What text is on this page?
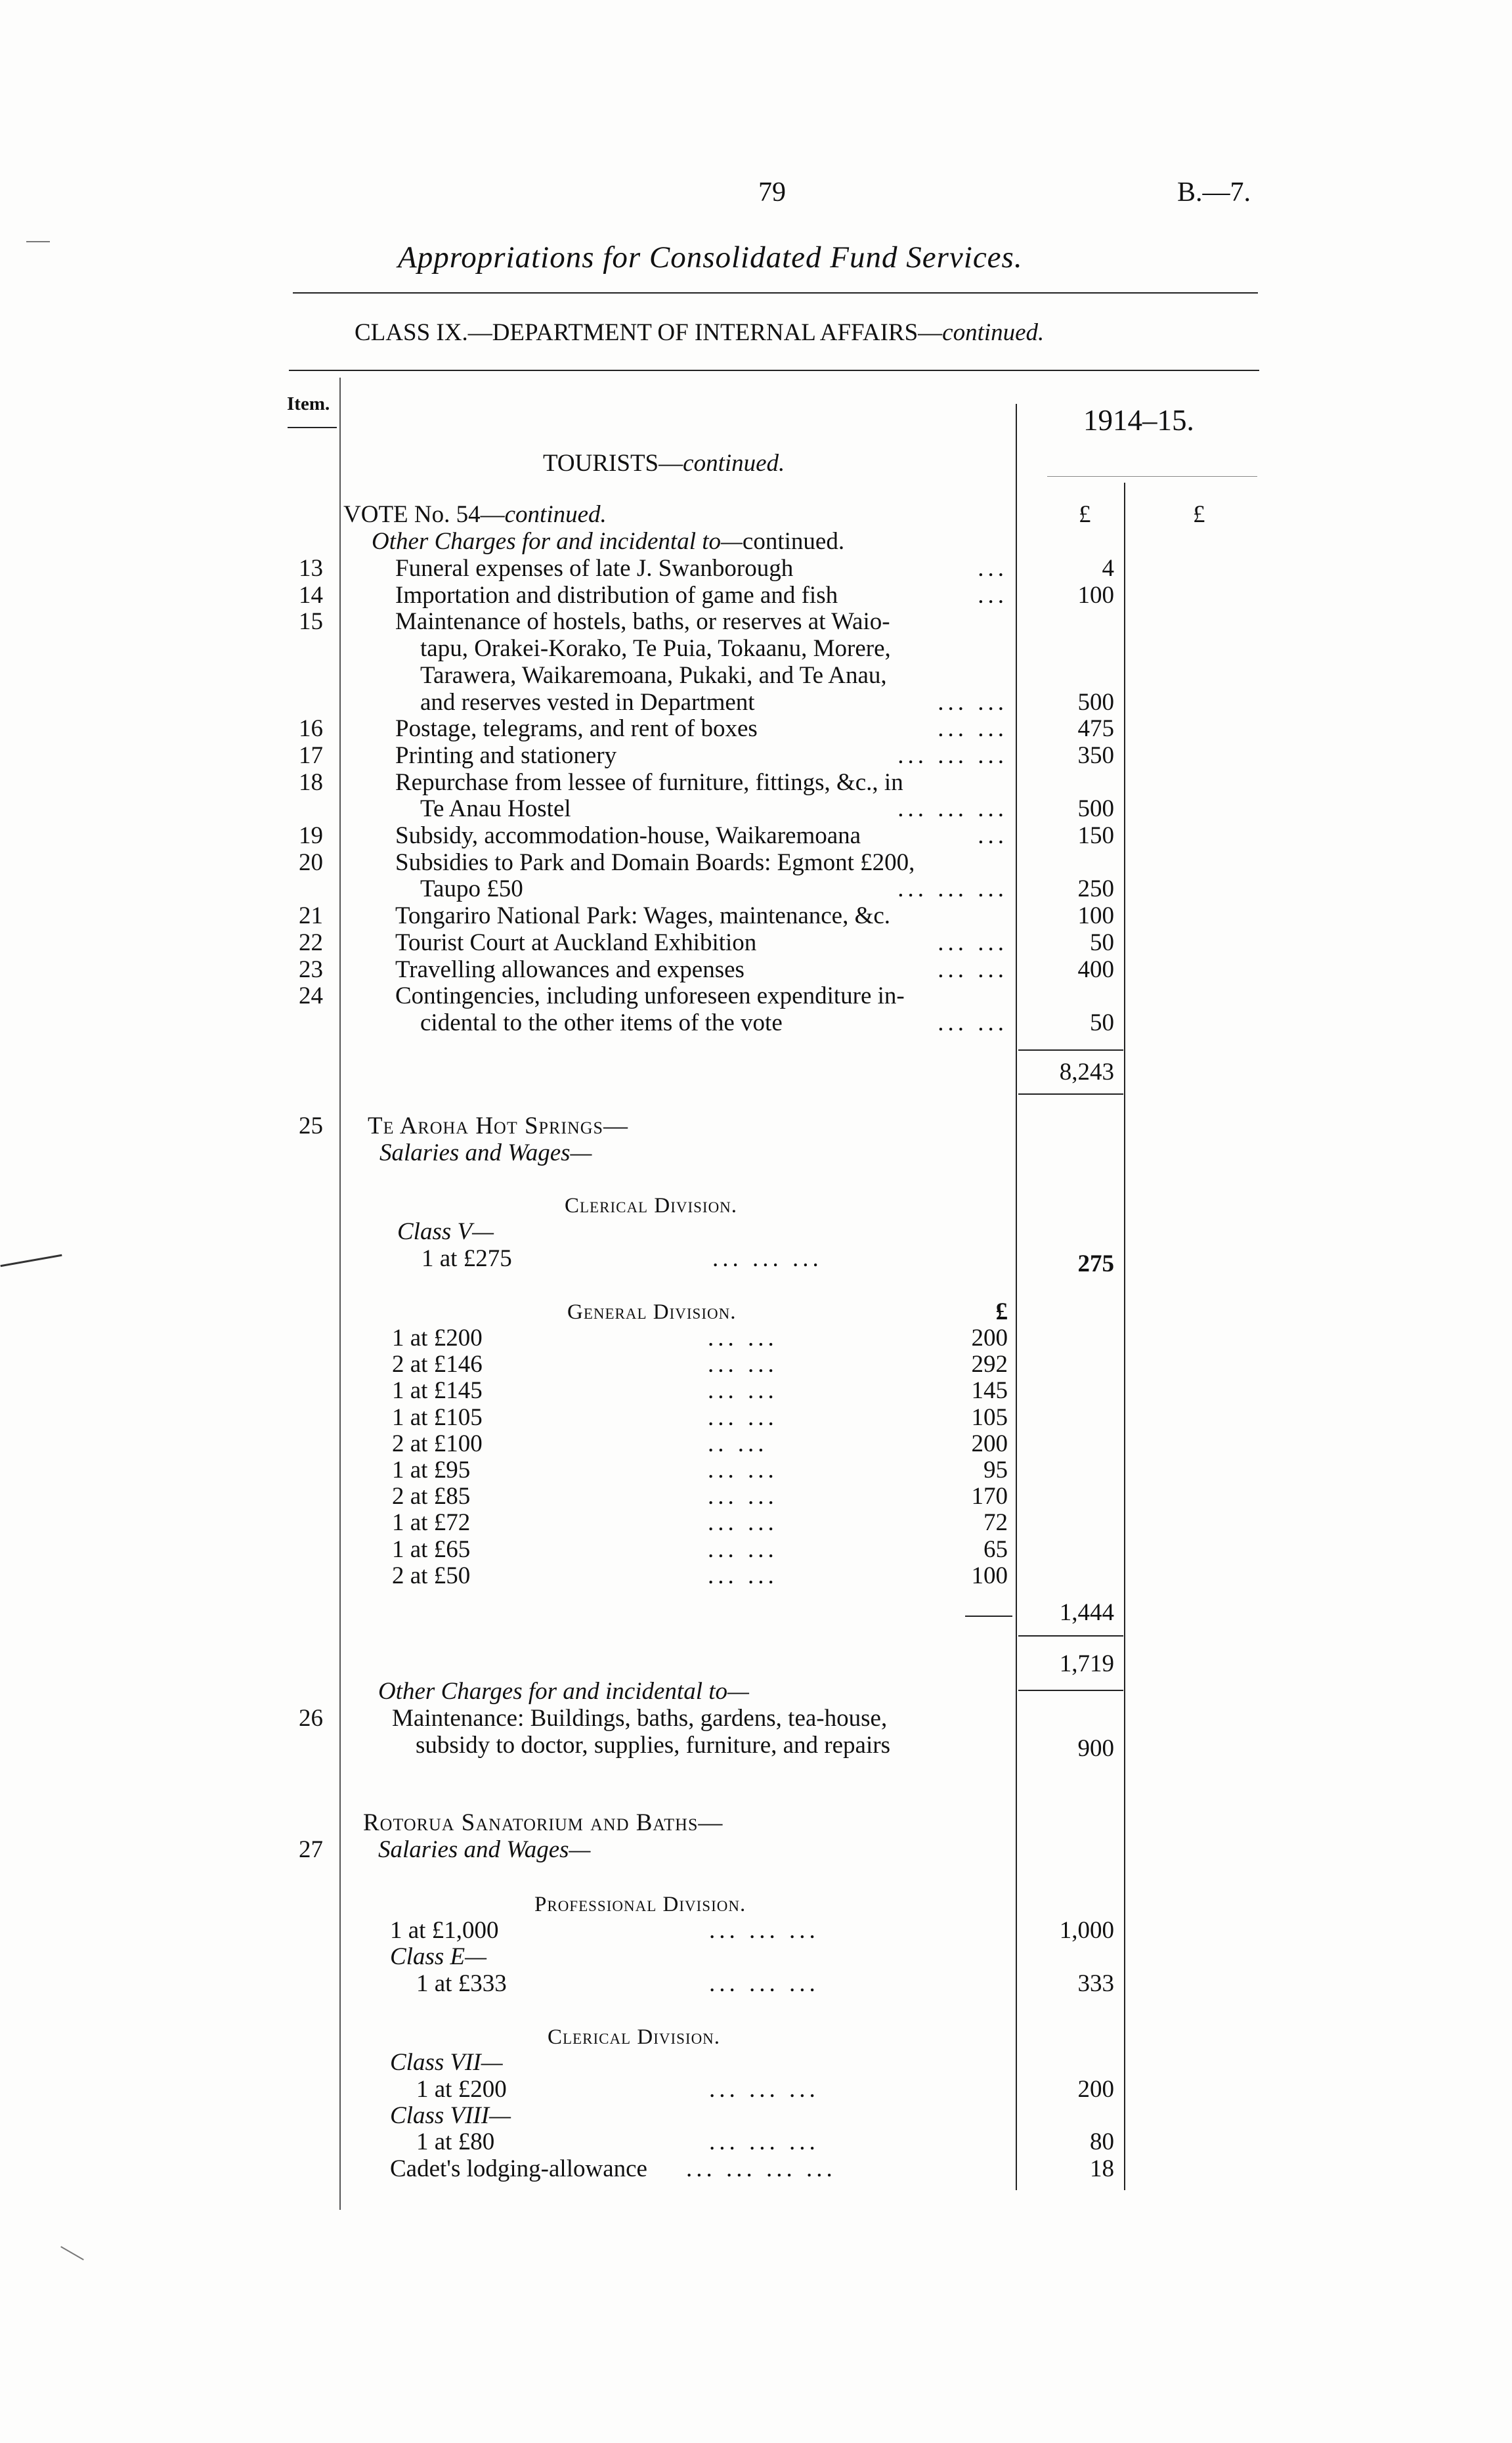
79	B.—7.
Appropriations for Consolidated Fund Services.
CLASS IX.—DEPARTMENT OF INTERNAL AFFAIRS—continued.
Item.	1914–15.
TOURISTS—continued.
£	£
VOTE No. 54—continued.
Other Charges for and incidental to—continued.
13	Funeral expenses of late J. Swanborough	...	4
14	Importation and distribution of game and fish	...	100
15	Maintenance of hostels, baths, or reserves at Waio-
tapu, Orakei-Korako, Te Puia, Tokaanu, Morere,
Tarawera, Waikaremoana, Pukaki, and Te Anau,
and reserves vested in Department	... ...	500
16	Postage, telegrams, and rent of boxes	... ...	475
17	Printing and stationery	... ... ...	350
18	Repurchase from lessee of furniture, fittings, &c., in
Te Anau Hostel	... ... ...	500
19	Subsidy, accommodation-house, Waikaremoana	...	150
20	Subsidies to Park and Domain Boards: Egmont £200,
Taupo £50	... ... ...	250
21	Tongariro National Park: Wages, maintenance, &c.	100
22	Tourist Court at Auckland Exhibition	... ...	50
23	Travelling allowances and expenses	... ...	400
24	Contingencies, including unforeseen expenditure in-
cidental to the other items of the vote	... ...	50
8,243
25 Te Aroha Hot Springs—
Salaries and Wages—
Clerical Division.
Class V—
1 at £275	... ... ...	275
General Division.	£
1 at £200	... ...	200
2 at £146	... ...	292
1 at £145	... ...	145
1 at £105	... ...	105
2 at £100	.. ...	200
1 at £95	... ...	95
2 at £85	... ...	170
1 at £72	... ...	72
1 at £65	... ...	65
2 at £50	... ...	100
1,444
1,719
Other Charges for and incidental to—
26	Maintenance: Buildings, baths, gardens, tea-house,
subsidy to doctor, supplies, furniture, and repairs	900
Rotorua Sanatorium and Baths—
27 Salaries and Wages—
Professional Division.
1 at £1,000	... ... ...	1,000
Class E—
1 at £333	... ... ...	333
Clerical Division.
Class VII—
1 at £200	... ... ...	200
Class VIII—
1 at £80	... ... ...	80
Cadet's lodging-allowance ... ... ... ...	18
